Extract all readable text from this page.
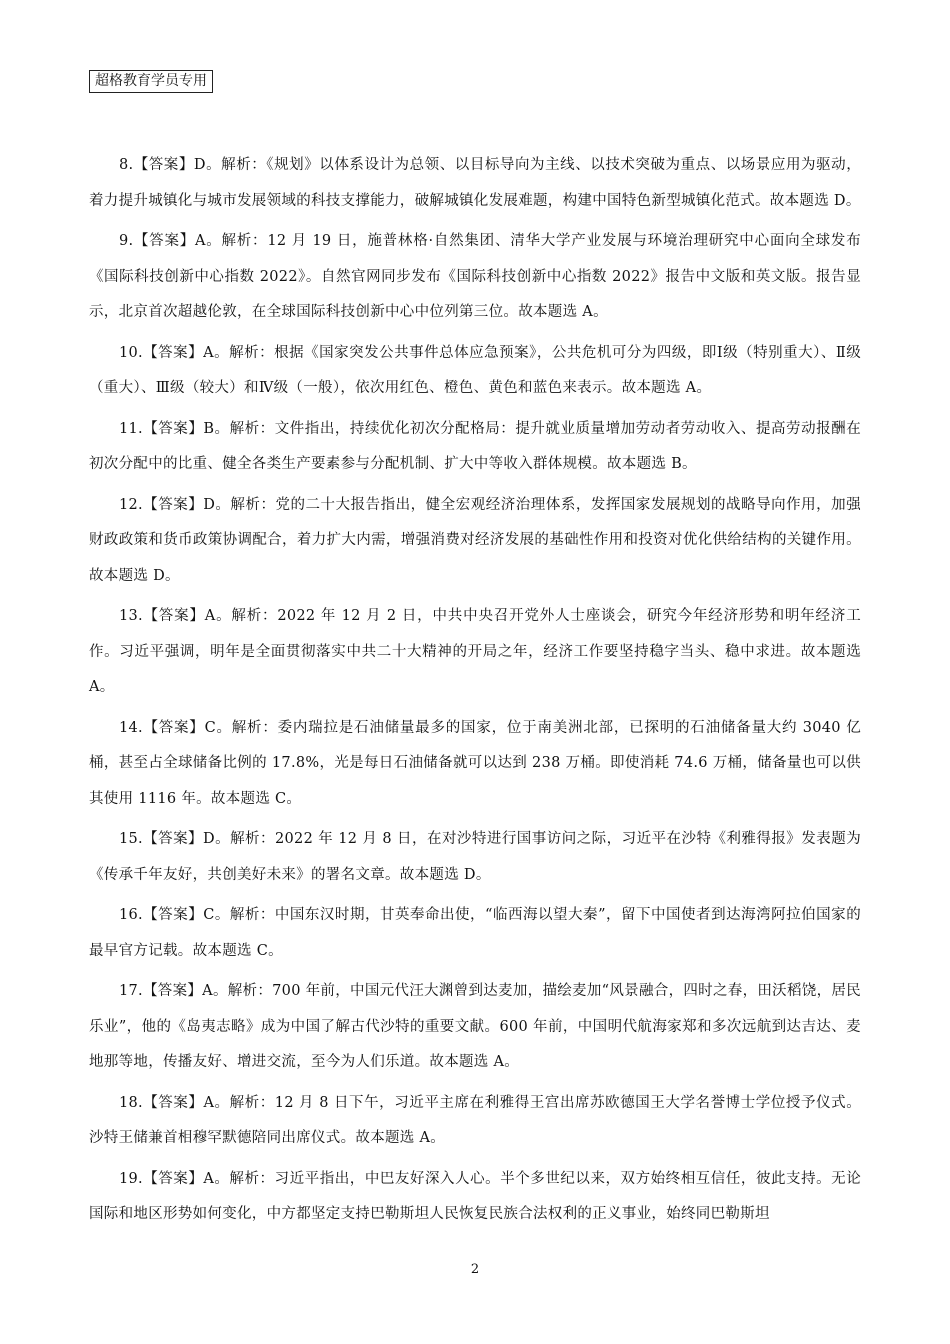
超格教育学员专用

8.【答案】D。解析：《规划》以体系设计为总领、以目标导向为主线、以技术突破为重点、以场景应用为驱动，着力提升城镇化与城市发展领域的科技支撑能力，破解城镇化发展难题，构建中国特色新型城镇化范式。故本题选 D。

9.【答案】A。解析：12 月 19 日，施普林格·自然集团、清华大学产业发展与环境治理研究中心面向全球发布《国际科技创新中心指数 2022》。自然官网同步发布《国际科技创新中心指数 2022》报告中文版和英文版。报告显示，北京首次超越伦敦，在全球国际科技创新中心中位列第三位。故本题选 A。

10.【答案】A。解析：根据《国家突发公共事件总体应急预案》，公共危机可分为四级，即Ⅰ级（特别重大）、Ⅱ级（重大）、Ⅲ级（较大）和Ⅳ级（一般），依次用红色、橙色、黄色和蓝色来表示。故本题选 A。

11.【答案】B。解析：文件指出，持续优化初次分配格局：提升就业质量增加劳动者劳动收入、提高劳动报酬在初次分配中的比重、健全各类生产要素参与分配机制、扩大中等收入群体规模。故本题选 B。

12.【答案】D。解析：党的二十大报告指出，健全宏观经济治理体系，发挥国家发展规划的战略导向作用，加强财政政策和货币政策协调配合，着力扩大内需，增强消费对经济发展的基础性作用和投资对优化供给结构的关键作用。故本题选 D。

13.【答案】A。解析：2022 年 12 月 2 日，中共中央召开党外人士座谈会，研究今年经济形势和明年经济工作。习近平强调，明年是全面贯彻落实中共二十大精神的开局之年，经济工作要坚持稳字当头、稳中求进。故本题选 A。

14.【答案】C。解析：委内瑞拉是石油储量最多的国家，位于南美洲北部，已探明的石油储备量大约 3040 亿桶，甚至占全球储备比例的 17.8%，光是每日石油储备就可以达到 238 万桶。即使消耗 74.6 万桶，储备量也可以供其使用 1116 年。故本题选 C。

15.【答案】D。解析：2022 年 12 月 8 日，在对沙特进行国事访问之际，习近平在沙特《利雅得报》发表题为《传承千年友好，共创美好未来》的署名文章。故本题选 D。

16.【答案】C。解析：中国东汉时期，甘英奉命出使，“临西海以望大秦”，留下中国使者到达海湾阿拉伯国家的最早官方记载。故本题选 C。

17.【答案】A。解析：700 年前，中国元代汪大渊曾到达麦加，描绘麦加“风景融合，四时之春，田沃稻饶，居民乐业”，他的《岛夷志略》成为中国了解古代沙特的重要文献。600 年前，中国明代航海家郑和多次远航到达吉达、麦地那等地，传播友好、增进交流，至今为人们乐道。故本题选 A。

18.【答案】A。解析：12 月 8 日下午，习近平主席在利雅得王宫出席苏欧德国王大学名誉博士学位授予仪式。沙特王储兼首相穆罕默德陪同出席仪式。故本题选 A。

19.【答案】A。解析：习近平指出，中巴友好深入人心。半个多世纪以来，双方始终相互信任，彼此支持。无论国际和地区形势如何变化，中方都坚定支持巴勒斯坦人民恢复民族合法权利的正义事业，始终同巴勒斯坦

2
